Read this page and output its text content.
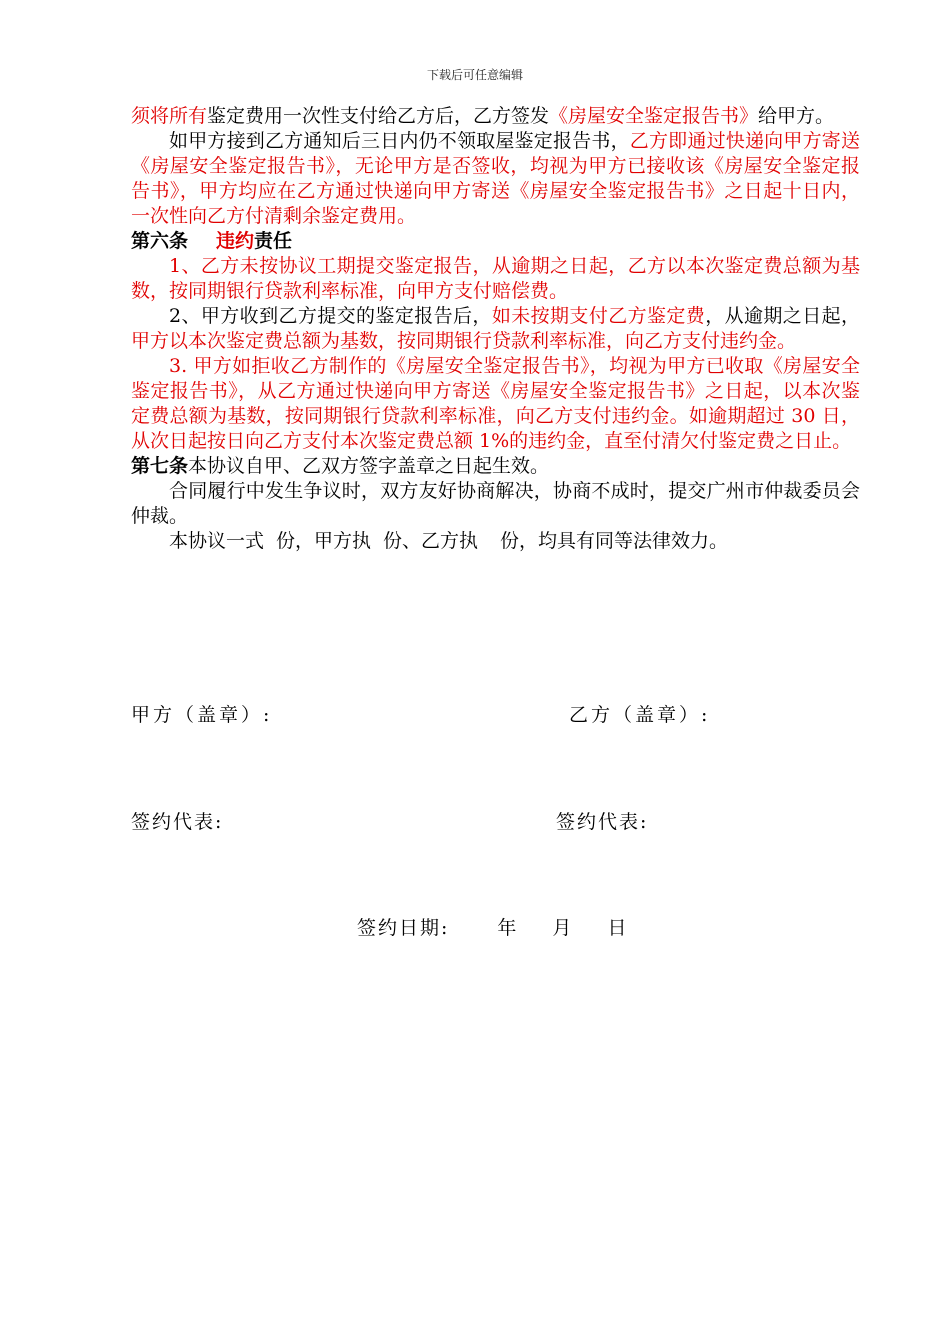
下载后可任意编辑

须将所有鉴定费用一次性支付给乙方后，乙方签发《房屋安全鉴定报告书》给甲方。

如甲方接到乙方通知后三日内仍不领取屋鉴定报告书，乙方即通过快递向甲方寄送《房屋安全鉴定报告书》，无论甲方是否签收，均视为甲方已接收该《房屋安全鉴定报告书》，甲方均应在乙方通过快递向甲方寄送《房屋安全鉴定报告书》之日起十日内，一次性向乙方付清剩余鉴定费用。

第六条 违约责任

1、乙方未按协议工期提交鉴定报告，从逾期之日起，乙方以本次鉴定费总额为基数，按同期银行贷款利率标准，向甲方支付赔偿费。

2、甲方收到乙方提交的鉴定报告后，如未按期支付乙方鉴定费，从逾期之日起，甲方以本次鉴定费总额为基数，按同期银行贷款利率标准，向乙方支付违约金。

3. 甲方如拒收乙方制作的《房屋安全鉴定报告书》，均视为甲方已收取《房屋安全鉴定报告书》，从乙方通过快递向甲方寄送《房屋安全鉴定报告书》之日起，以本次鉴定费总额为基数，按同期银行贷款利率标准，向乙方支付违约金。如逾期超过 30 日，从次日起按日向乙方支付本次鉴定费总额 1%的违约金，直至付清欠付鉴定费之日止。

第七条本协议自甲、乙双方签字盖章之日起生效。

合同履行中发生争议时，双方友好协商解决，协商不成时，提交广州市仲裁委员会仲裁。

本协议一式 份，甲方执 份、乙方执 份，均具有同等法律效力。

甲方（盖章）:	乙方（盖章）:
签约代表:	签约代表:
签约日期:	年 月 日
